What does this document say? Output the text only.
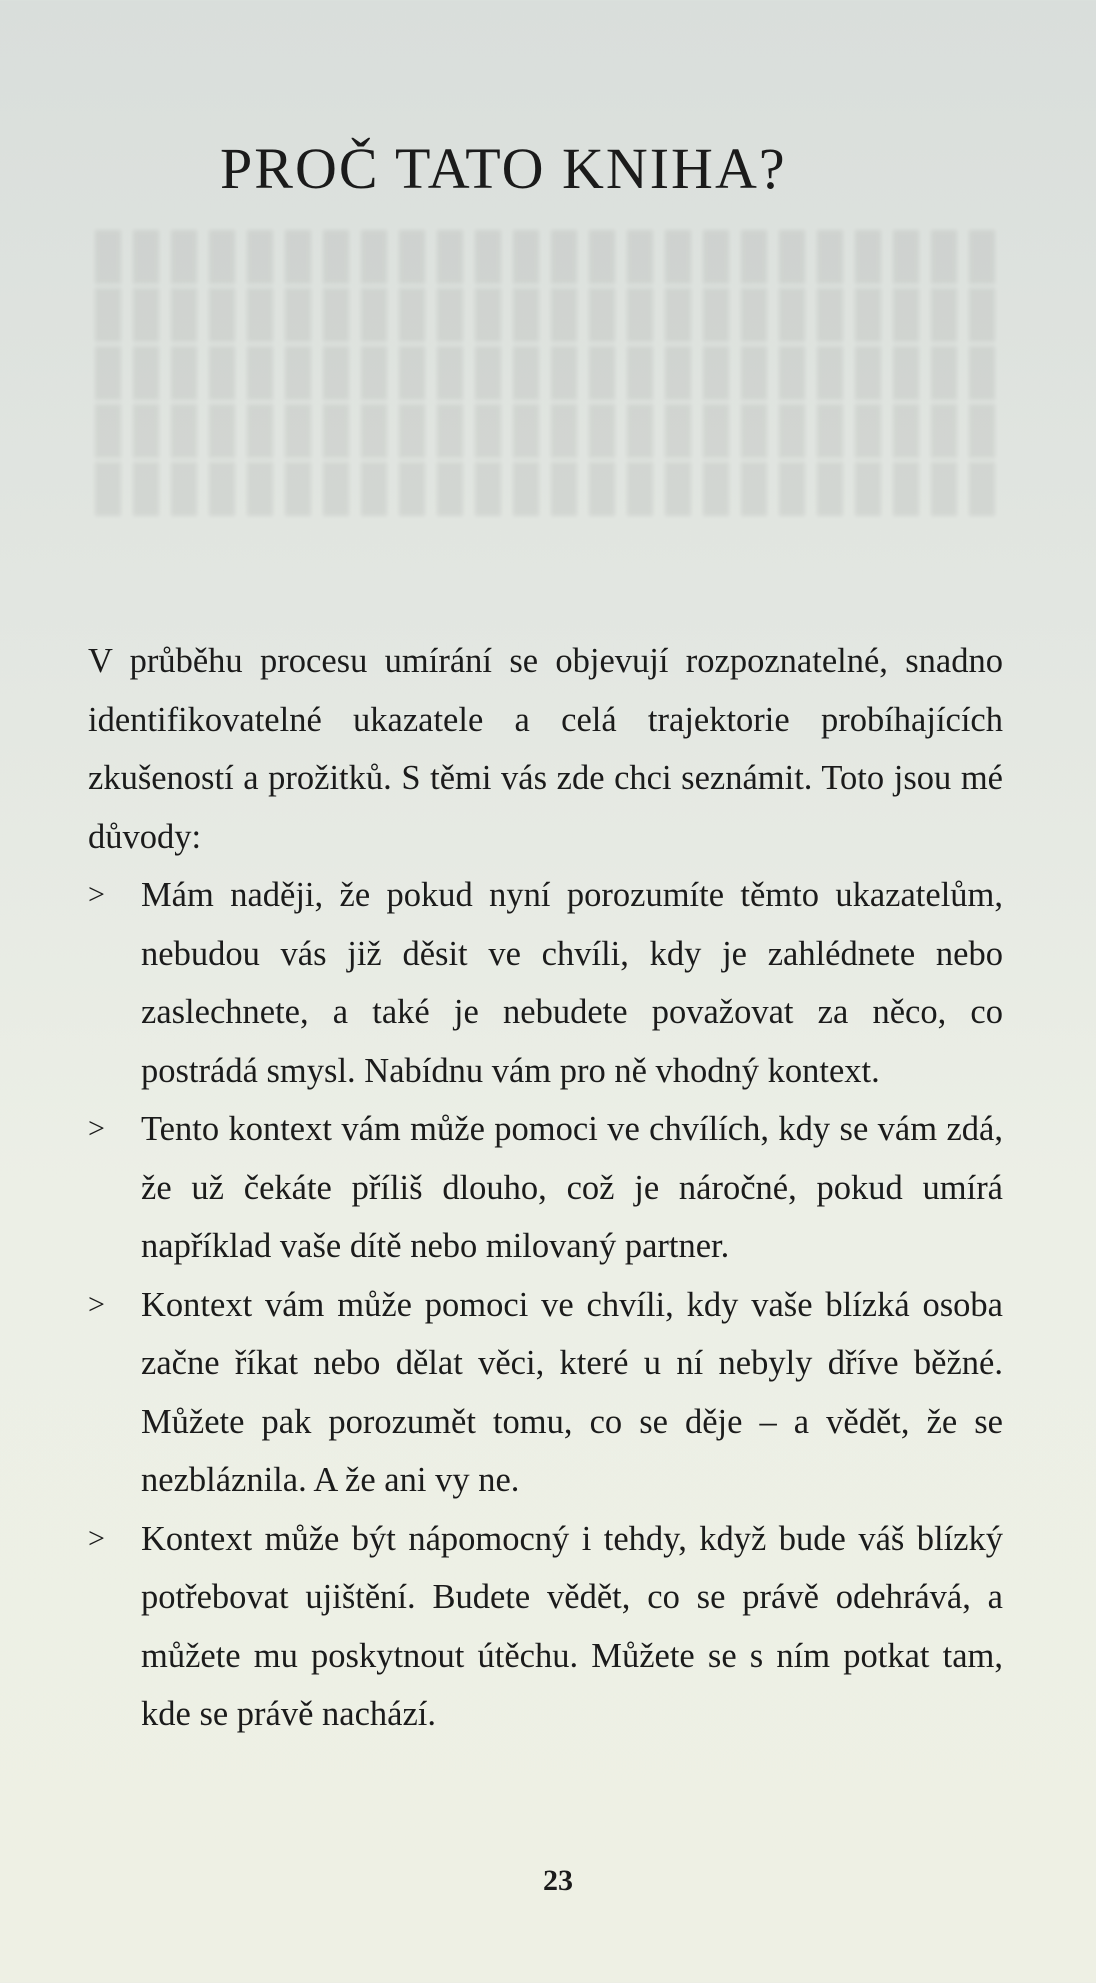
PROČ TATO KNIHA?

V průběhu procesu umírání se objevují rozpoznatelné, snadno identifikovatelné ukazatele a celá trajektorie probíhajících zkušeností a prožitků. S těmi vás zde chci seznámit. Toto jsou mé důvody:

> Mám naději, že pokud nyní porozumíte těmto ukazatelům, nebudou vás již děsit ve chvíli, kdy je zahlédnete nebo zaslechnete, a také je nebudete považovat za něco, co postrádá smysl. Nabídnu vám pro ně vhodný kontext.
> Tento kontext vám může pomoci ve chvílích, kdy se vám zdá, že už čekáte příliš dlouho, což je náročné, pokud umírá například vaše dítě nebo milovaný partner.
> Kontext vám může pomoci ve chvíli, kdy vaše blízká osoba začne říkat nebo dělat věci, které u ní nebyly dříve běžné. Můžete pak porozumět tomu, co se děje – a vědět, že se nezbláznila. A že ani vy ne.
> Kontext může být nápomocný i tehdy, když bude váš blízký potřebovat ujištění. Budete vědět, co se právě odehrává, a můžete mu poskytnout útěchu. Můžete se s ním potkat tam, kde se právě nachází.
23
